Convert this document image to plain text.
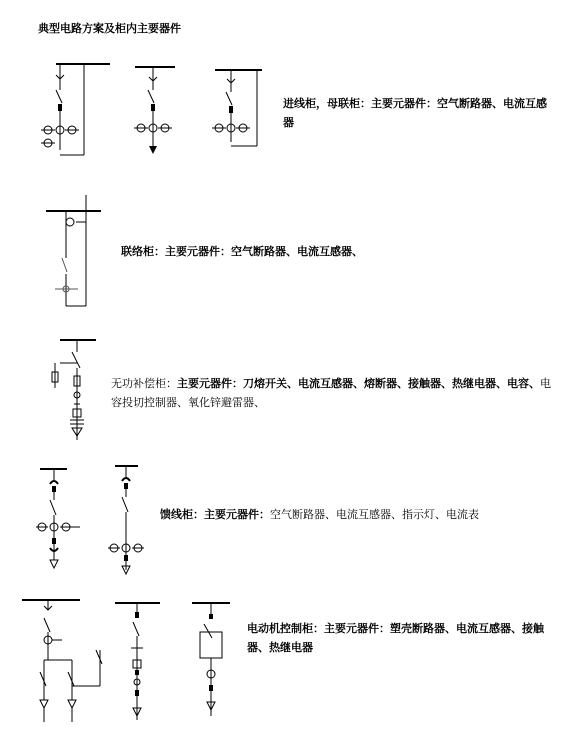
典型电路方案及柜内主要器件
进线柜，母联柜：主要元器件：空气断路器、电流互感器
联络柜：主要元器件：空气断路器、电流互感器、
无功补偿柜：主要元器件：刀熔开关、电流互感器、熔断器、接触器、热继电器、电容、电容投切控制器、氧化锌避雷器、
馈线柜：主要元器件：空气断路器、电流互感器、指示灯、电流表
电动机控制柜：主要元器件：塑壳断路器、电流互感器、接触器、热继电器
